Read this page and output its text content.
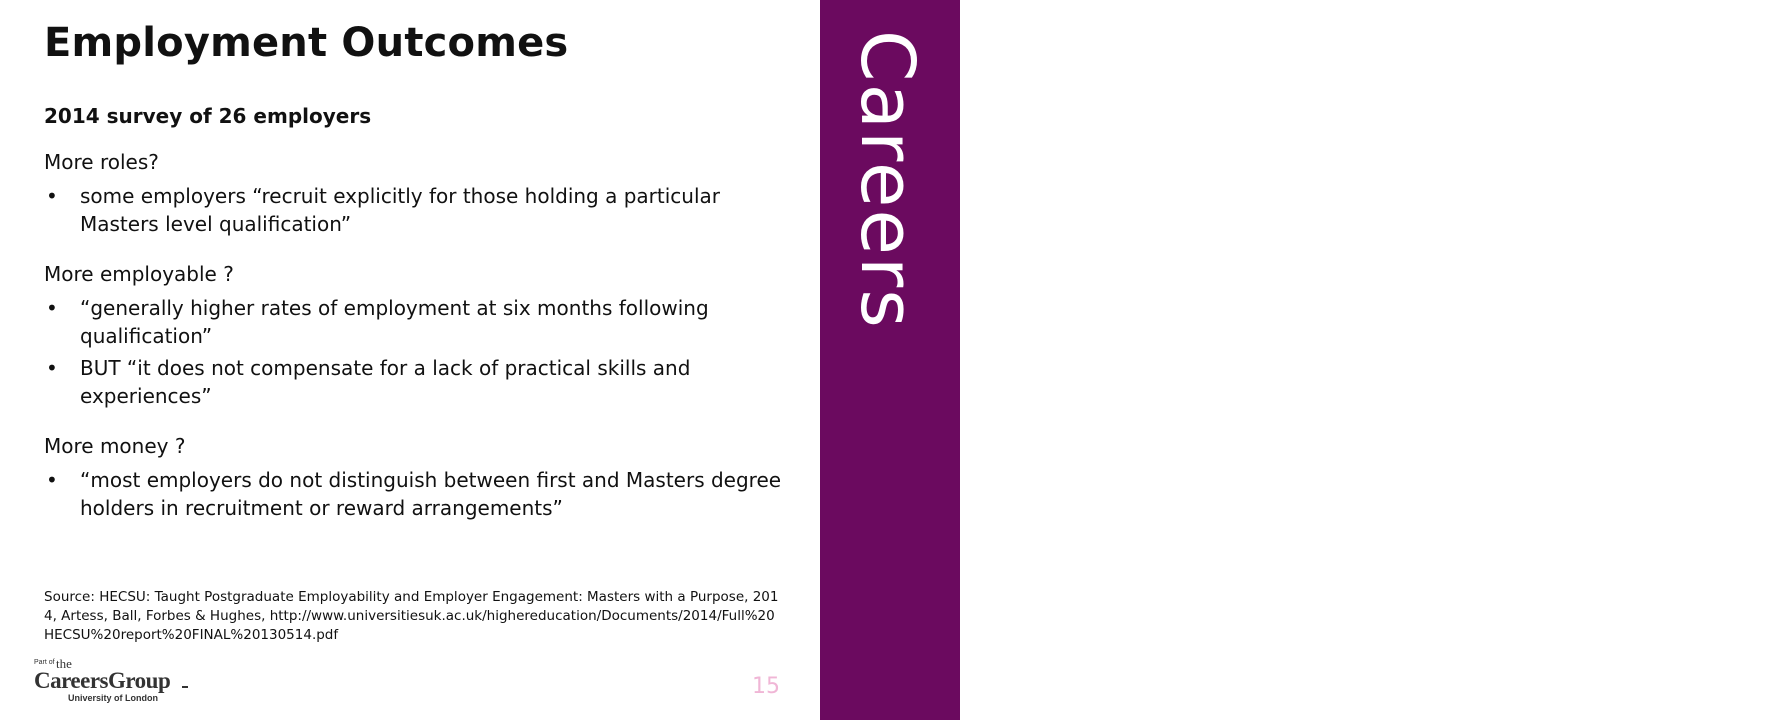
Careers
Queen Mary
University of London
Employment Outcomes
2014 survey of 26 employers

More roles?

• some employers “recruit explicitly for those holding a particular Masters level qualification”

More employable ?

• “generally higher rates of employment at six months following qualification”
• BUT “it does not compensate for a lack of practical skills and experiences”

More money ?

• “most employers do not distinguish between first and Masters degree holders in recruitment or reward arrangements”
Source: HECSU: Taught Postgraduate Employability and Employer Engagement: Masters with a Purpose, 2014, Artess, Ball, Forbes & Hughes, http://www.universitiesuk.ac.uk/highereducation/Documents/2014/Full%20HECSU%20report%20FINAL%20130514.pdf
Part of the
CareersGroup
University of London	15
